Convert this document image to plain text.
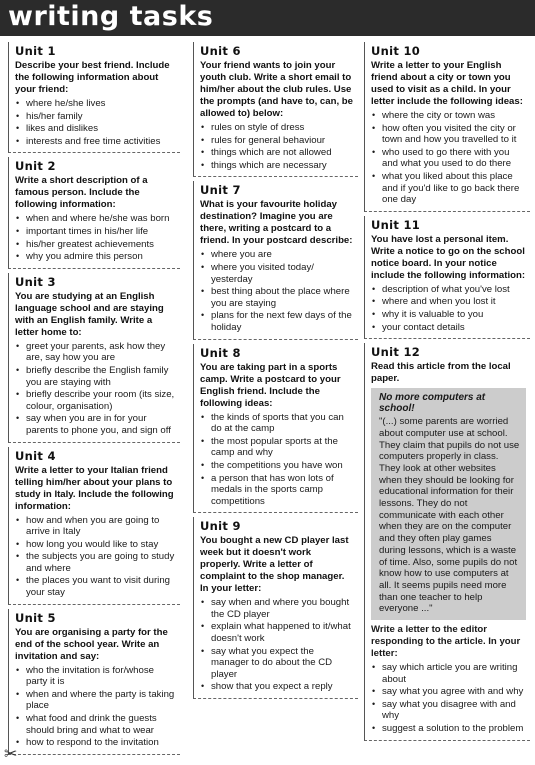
writing tasks
Unit 1
Describe your best friend. Include the following information about your friend:
• where he/she lives
• his/her family
• likes and dislikes
• interests and free time activities
Unit 2
Write a short description of a famous person. Include the following information:
• when and where he/she was born
• important times in his/her life
• his/her greatest achievements
• why you admire this person
Unit 3
You are studying at an English language school and are staying with an English family. Write a letter home to:
• greet your parents, ask how they are, say how you are
• briefly describe the English family you are staying with
• briefly describe your room (its size, colour, organisation)
• say when you are in for your parents to phone you, and sign off
Unit 4
Write a letter to your Italian friend telling him/her about your plans to study in Italy. Include the following information:
• how and when you are going to arrive in Italy
• how long you would like to stay
• the subjects you are going to study and where
• the places you want to visit during your stay
Unit 5
You are organising a party for the end of the school year. Write an invitation and say:
• who the invitation is for/whose party it is
• when and where the party is taking place
• what food and drink the guests should bring and what to wear
• how to respond to the invitation
Unit 6
Your friend wants to join your youth club. Write a short email to him/her about the club rules. Use the prompts (and have to, can, be allowed to) below:
• rules on style of dress
• rules for general behaviour
• things which are not allowed
• things which are necessary
Unit 7
What is your favourite holiday destination? Imagine you are there, writing a postcard to a friend. In your postcard describe:
• where you are
• where you visited today/ yesterday
• best thing about the place where you are staying
• plans for the next few days of the holiday
Unit 8
You are taking part in a sports camp. Write a postcard to your English friend. Include the following ideas:
• the kinds of sports that you can do at the camp
• the most popular sports at the camp and why
• the competitions you have won
• a person that has won lots of medals in the sports camp competitions
Unit 9
You bought a new CD player last week but it doesn't work properly. Write a letter of complaint to the shop manager. In your letter:
• say when and where you bought the CD player
• explain what happened to it/what doesn't work
• say what you expect the manager to do about the CD player
• show that you expect a reply
Unit 10
Write a letter to your English friend about a city or town you used to visit as a child. In your letter include the following ideas:
• where the city or town was
• how often you visited the city or town and how you travelled to it
• who used to go there with you and what you used to do there
• what you liked about this place and if you'd like to go back there one day
Unit 11
You have lost a personal item. Write a notice to go on the school notice board. In your notice include the following information:
• description of what you've lost
• where and when you lost it
• why it is valuable to you
• your contact details
Unit 12
Read this article from the local paper.
No more computers at school!
"(...) some parents are worried about computer use at school. They claim that pupils do not use computers properly in class. They look at other websites when they should be looking for educational information for their lessons. They do not communicate with each other when they are on the computer and they often play games during lessons, which is a waste of time. Also, some pupils do not know how to use computers at all. It seems pupils need more than one teacher to help everyone ..."
Write a letter to the editor responding to the article. In your letter:
• say which article you are writing about
• say what you agree with and why
• say what you disagree with and why
• suggest a solution to the problem
✂
